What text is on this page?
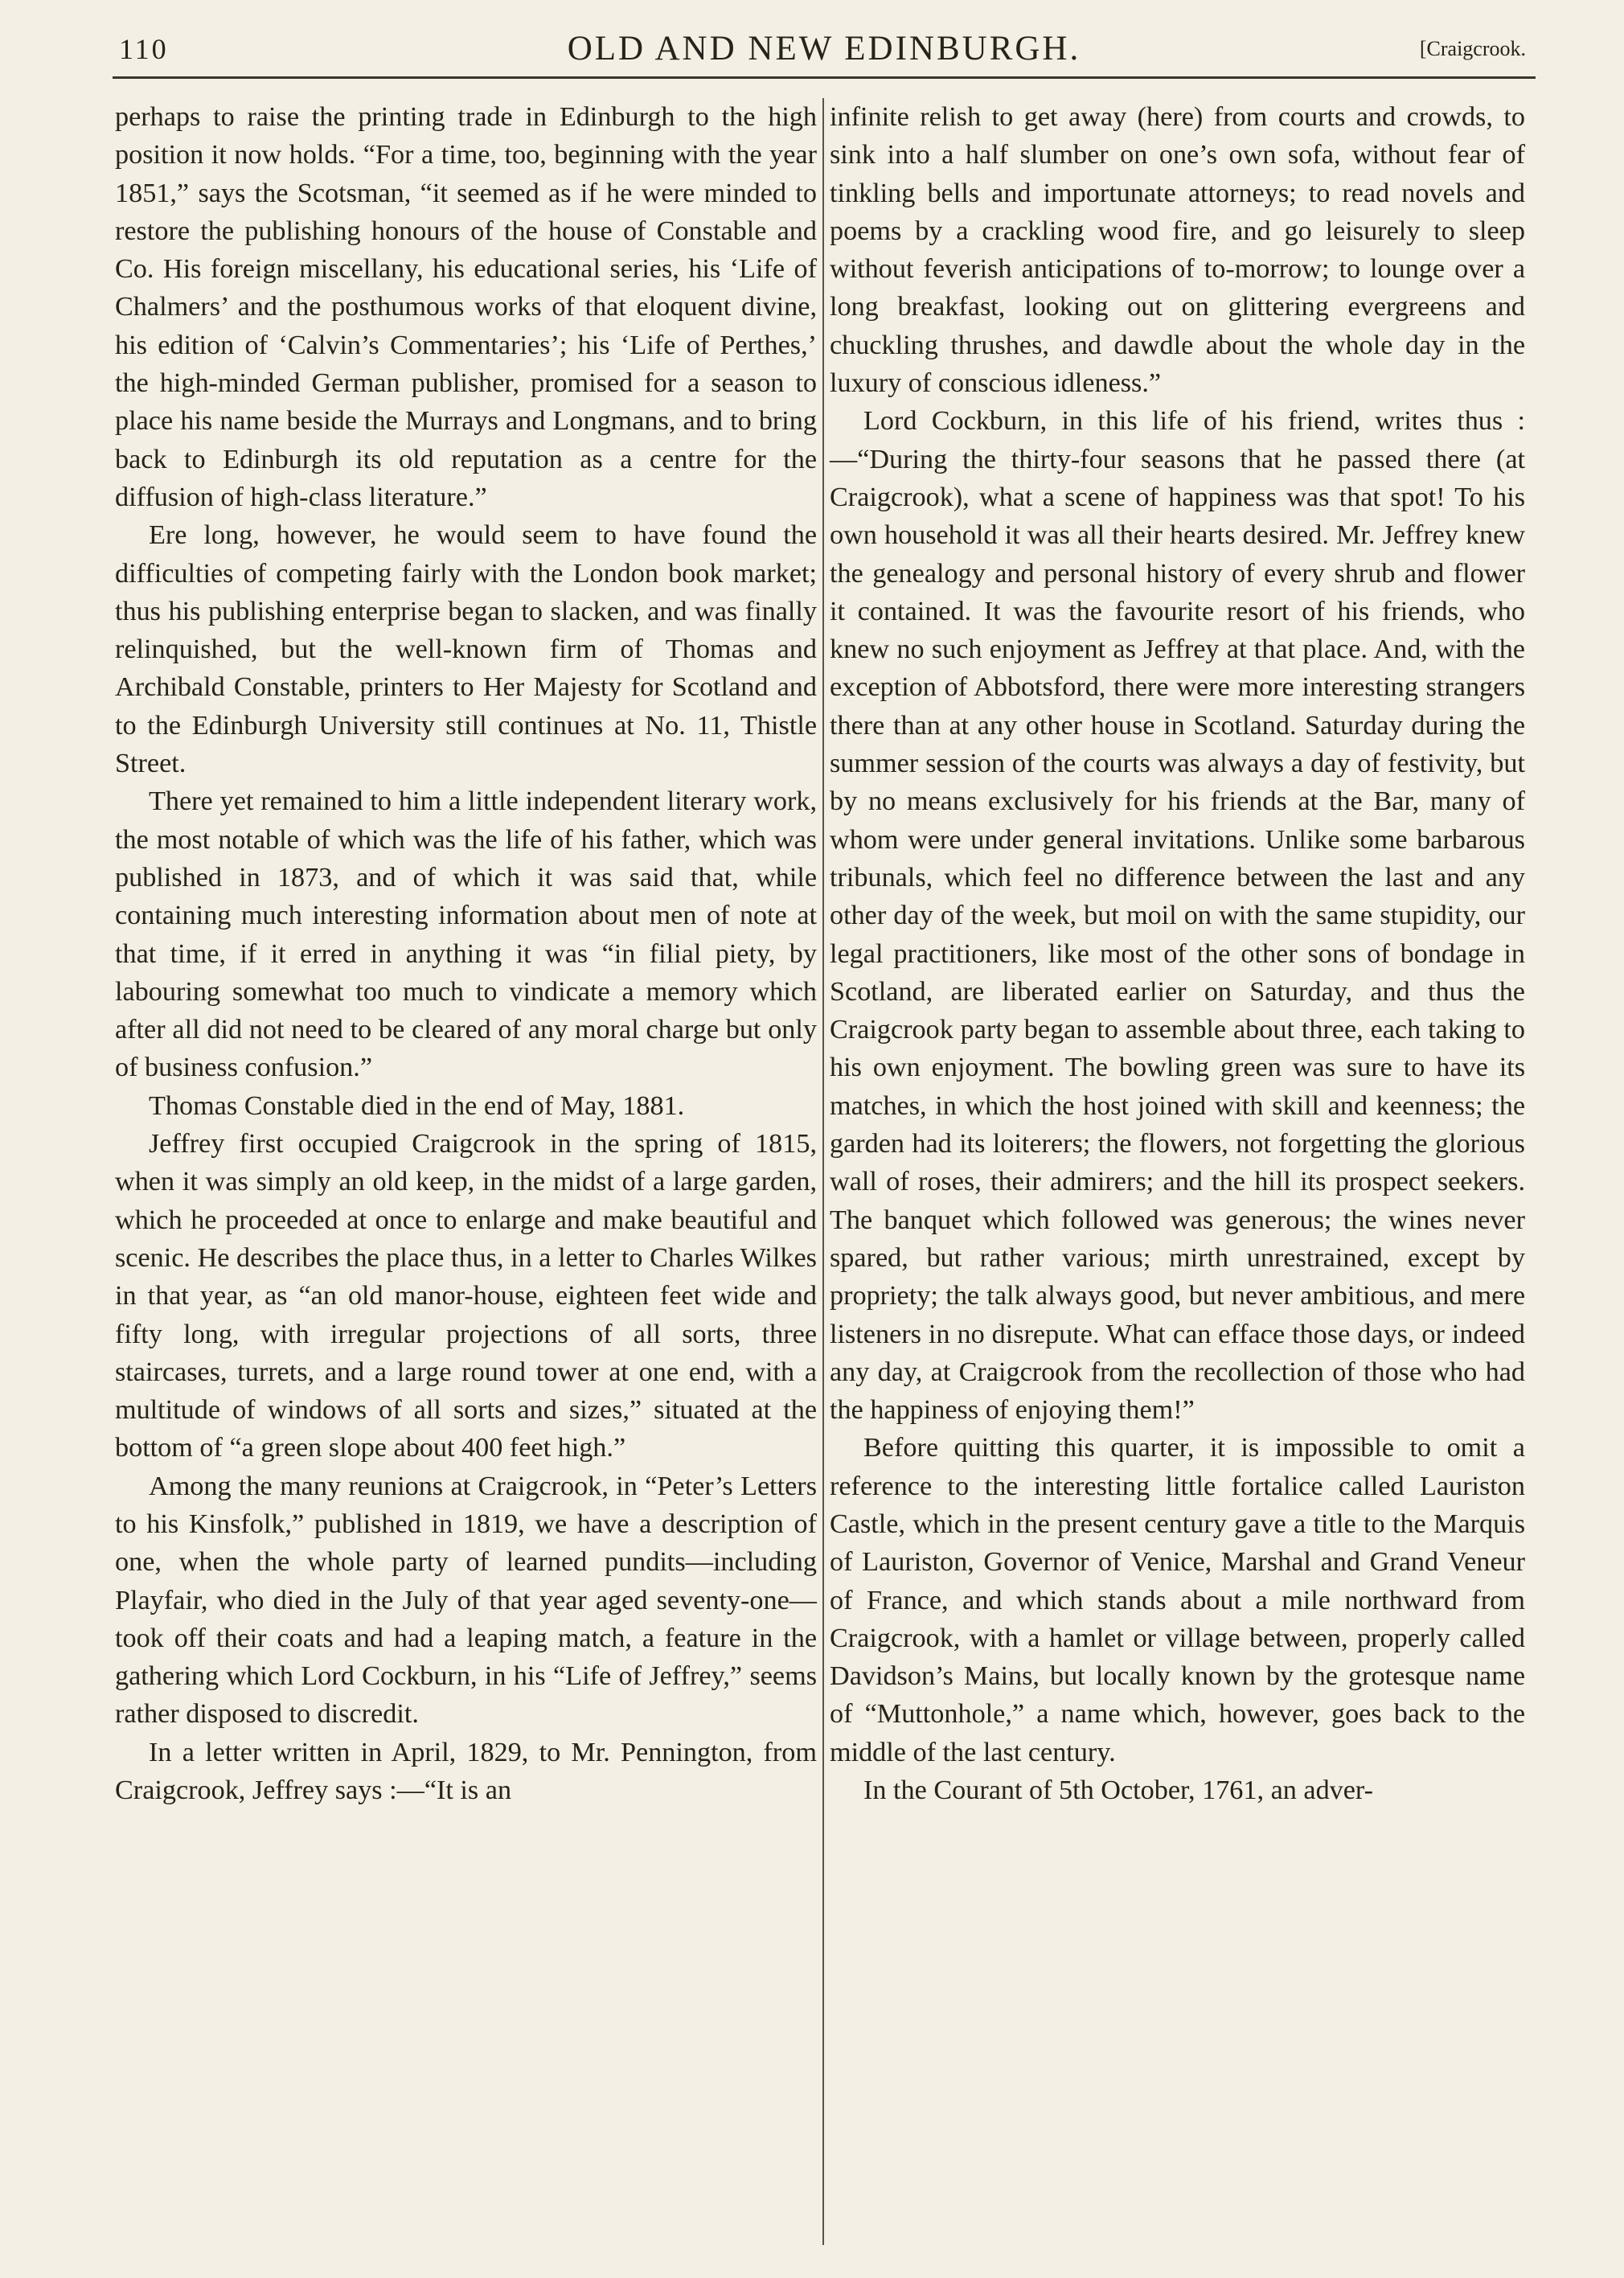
110	OLD AND NEW EDINBURGH.	[Craigcrook.

perhaps to raise the printing trade in Edinburgh to the high position it now holds. “For a time, too, beginning with the year 1851,” says the Scotsman, “it seemed as if he were minded to restore the publishing honours of the house of Constable and Co. His foreign miscellany, his educational series, his ‘Life of Chalmers’ and the posthumous works of that eloquent divine, his edition of ‘Calvin’s Commentaries’; his ‘Life of Perthes,’ the high-minded German publisher, promised for a season to place his name beside the Murrays and Longmans, and to bring back to Edinburgh its old reputation as a centre for the diffusion of high-class literature.”

Ere long, however, he would seem to have found the difficulties of competing fairly with the London book market; thus his publishing enterprise began to slacken, and was finally relinquished, but the well-known firm of Thomas and Archibald Constable, printers to Her Majesty for Scotland and to the Edinburgh University still continues at No. 11, Thistle Street.

There yet remained to him a little independent literary work, the most notable of which was the life of his father, which was published in 1873, and of which it was said that, while containing much interesting information about men of note at that time, if it erred in anything it was “in filial piety, by labouring somewhat too much to vindicate a memory which after all did not need to be cleared of any moral charge but only of business confusion.”

Thomas Constable died in the end of May, 1881.

Jeffrey first occupied Craigcrook in the spring of 1815, when it was simply an old keep, in the midst of a large garden, which he proceeded at once to enlarge and make beautiful and scenic. He describes the place thus, in a letter to Charles Wilkes in that year, as “an old manor-house, eighteen feet wide and fifty long, with irregular projections of all sorts, three staircases, turrets, and a large round tower at one end, with a multitude of windows of all sorts and sizes,” situated at the bottom of “a green slope about 400 feet high.”

Among the many reunions at Craigcrook, in “Peter’s Letters to his Kinsfolk,” published in 1819, we have a description of one, when the whole party of learned pundits—including Playfair, who died in the July of that year aged seventy-one—took off their coats and had a leaping match, a feature in the gathering which Lord Cockburn, in his “Life of Jeffrey,” seems rather disposed to discredit.

In a letter written in April, 1829, to Mr. Pennington, from Craigcrook, Jeffrey says :—“It is an

infinite relish to get away (here) from courts and crowds, to sink into a half slumber on one’s own sofa, without fear of tinkling bells and importunate attorneys; to read novels and poems by a crackling wood fire, and go leisurely to sleep without feverish anticipations of to-morrow; to lounge over a long breakfast, looking out on glittering evergreens and chuckling thrushes, and dawdle about the whole day in the luxury of conscious idleness.”

Lord Cockburn, in this life of his friend, writes thus :—“During the thirty-four seasons that he passed there (at Craigcrook), what a scene of happiness was that spot! To his own household it was all their hearts desired. Mr. Jeffrey knew the genealogy and personal history of every shrub and flower it contained. It was the favourite resort of his friends, who knew no such enjoyment as Jeffrey at that place. And, with the exception of Abbotsford, there were more interesting strangers there than at any other house in Scotland. Saturday during the summer session of the courts was always a day of festivity, but by no means exclusively for his friends at the Bar, many of whom were under general invitations. Unlike some barbarous tribunals, which feel no difference between the last and any other day of the week, but moil on with the same stupidity, our legal practitioners, like most of the other sons of bondage in Scotland, are liberated earlier on Saturday, and thus the Craigcrook party began to assemble about three, each taking to his own enjoyment. The bowling green was sure to have its matches, in which the host joined with skill and keenness; the garden had its loiterers; the flowers, not forgetting the glorious wall of roses, their admirers; and the hill its prospect seekers. The banquet which followed was generous; the wines never spared, but rather various; mirth unrestrained, except by propriety; the talk always good, but never ambitious, and mere listeners in no disrepute. What can efface those days, or indeed any day, at Craigcrook from the recollection of those who had the happiness of enjoying them!”

Before quitting this quarter, it is impossible to omit a reference to the interesting little fortalice called Lauriston Castle, which in the present century gave a title to the Marquis of Lauriston, Governor of Venice, Marshal and Grand Veneur of France, and which stands about a mile northward from Craigcrook, with a hamlet or village between, properly called Davidson’s Mains, but locally known by the grotesque name of “Muttonhole,” a name which, however, goes back to the middle of the last century.

In the Courant of 5th October, 1761, an adver-
